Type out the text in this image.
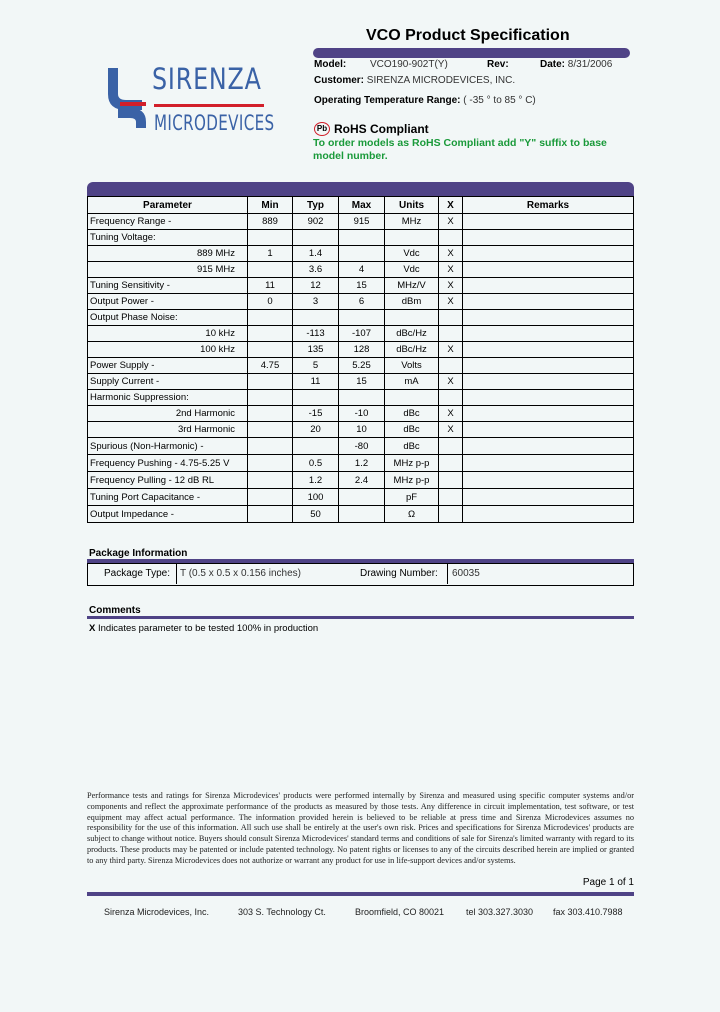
SIRENZA
MICRODEVICES
VCO Product Specification
Model: VCO190-902T(Y)	Rev:	Date: 8/31/2006
Customer: SIRENZA MICRODEVICES, INC.
Operating Temperature Range: ( -35 ° to 85 ° C)
Pb RoHS Compliant
To order models as RoHS Compliant add "Y" suffix to base model number.
Parameter	Min	Typ	Max	Units	X	Remarks
Frequency Range -	889	902	915	MHz	X	
Tuning Voltage:						
889 MHz	1	1.4		Vdc	X	
915 MHz		3.6	4	Vdc	X	
Tuning Sensitivity -	11	12	15	MHz/V	X	
Output Power -	0	3	6	dBm	X	
Output Phase Noise:						
10 kHz		-113	-107	dBc/Hz		
100 kHz		135	128	dBc/Hz	X	
Power Supply -	4.75	5	5.25	Volts		
Supply Current -		11	15	mA	X	
Harmonic Suppression:						
2nd Harmonic		-15	-10	dBc	X	
3rd Harmonic		20	10	dBc	X	
Spurious (Non-Harmonic) -			-80	dBc		
Frequency Pushing - 4.75-5.25 V		0.5	1.2	MHz p-p		
Frequency Pulling - 12 dB RL		1.2	2.4	MHz p-p		
Tuning Port Capacitance -		100		pF		
Output Impedance -		50		Ω		
Package Information
Package Type: T (0.5 x 0.5 x 0.156 inches)	Drawing Number: 60035
Comments
X Indicates parameter to be tested 100% in production
Performance tests and ratings for Sirenza Microdevices' products were performed internally by Sirenza and measured using specific computer systems and/or components and reflect the approximate performance of the products as measured by those tests. Any difference in circuit implementation, test software, or test equipment may affect actual performance. The information provided herein is believed to be reliable at press time and Sirenza Microdevices assumes no responsibility for the use of this information. All such use shall be entirely at the user's own risk. Prices and specifications for Sirenza Microdevices' products are subject to change without notice. Buyers should consult Sirenza Microdevices' standard terms and conditions of sale for Sirenza's limited warranty with regard to its products. These products may be patented or include patented technology. No patent rights or licenses to any of the circuits described herein are implied or granted to any third party. Sirenza Microdevices does not authorize or warrant any product for use in life-support devices and/or systems.
Page 1 of 1
Sirenza Microdevices, Inc.	303 S. Technology Ct.	Broomfield, CO 80021 tel 303.327.3030 fax 303.410.7988
